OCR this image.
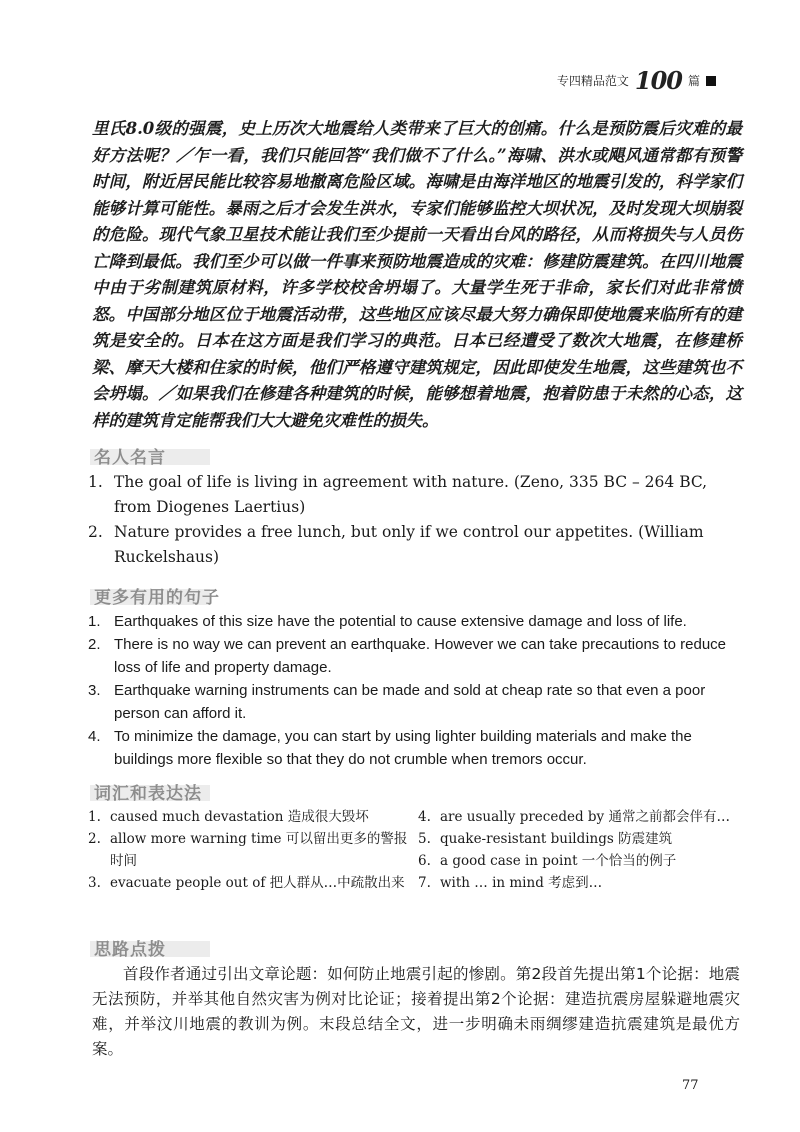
专四精品范文 100 篇
里氏8.0级的强震，史上历次大地震给人类带来了巨大的创痛。什么是预防震后灾难的最好方法呢？／乍一看，我们只能回答“我们做不了什么。”海啸、洪水或飓风通常都有预警时间，附近居民能比较容易地撤离危险区域。海啸是由海洋地区的地震引发的，科学家们能够计算可能性。暴雨之后才会发生洪水，专家们能够监控大坝状况，及时发现大坝崩裂的危险。现代气象卫星技术能让我们至少提前一天看出台风的路径，从而将损失与人员伤亡降到最低。我们至少可以做一件事来预防地震造成的灾难：修建防震建筑。在四川地震中由于劣制建筑原材料，许多学校校舍坍塌了。大量学生死于非命，家长们对此非常愤怒。中国部分地区位于地震活动带，这些地区应该尽最大努力确保即使地震来临所有的建筑是安全的。日本在这方面是我们学习的典范。日本已经遭受了数次大地震，在修建桥梁、摩天大楼和住家的时候，他们严格遵守建筑规定，因此即使发生地震，这些建筑也不会坍塌。／如果我们在修建各种建筑的时候，能够想着地震，抱着防患于未然的心态，这样的建筑肯定能帮我们大大避免灾难性的损失。
名人名言
1. The goal of life is living in agreement with nature. (Zeno, 335 BC – 264 BC, from Diogenes Laertius)
2. Nature provides a free lunch, but only if we control our appetites. (William Ruckelshaus)
更多有用的句子
1. Earthquakes of this size have the potential to cause extensive damage and loss of life.
2. There is no way we can prevent an earthquake. However we can take precautions to reduce loss of life and property damage.
3. Earthquake warning instruments can be made and sold at cheap rate so that even a poor person can afford it.
4. To minimize the damage, you can start by using lighter building materials and make the buildings more flexible so that they do not crumble when tremors occur.
词汇和表达法
1. caused much devastation 造成很大毁坏
2. allow more warning time 可以留出更多的警报时间
3. evacuate people out of 把人群从…中疏散出来
4. are usually preceded by 通常之前都会伴有…
5. quake-resistant buildings 防震建筑
6. a good case in point 一个恰当的例子
7. with … in mind 考虑到…
思路点拨
首段作者通过引出文章论题：如何防止地震引起的惨剧。第2段首先提出第1个论据：地震无法预防，并举其他自然灾害为例对比论证；接着提出第2个论据：建造抗震房屋躲避地震灾难，并举汶川地震的教训为例。末段总结全文，进一步明确未雨绸缪建造抗震建筑是最优方案。
77
